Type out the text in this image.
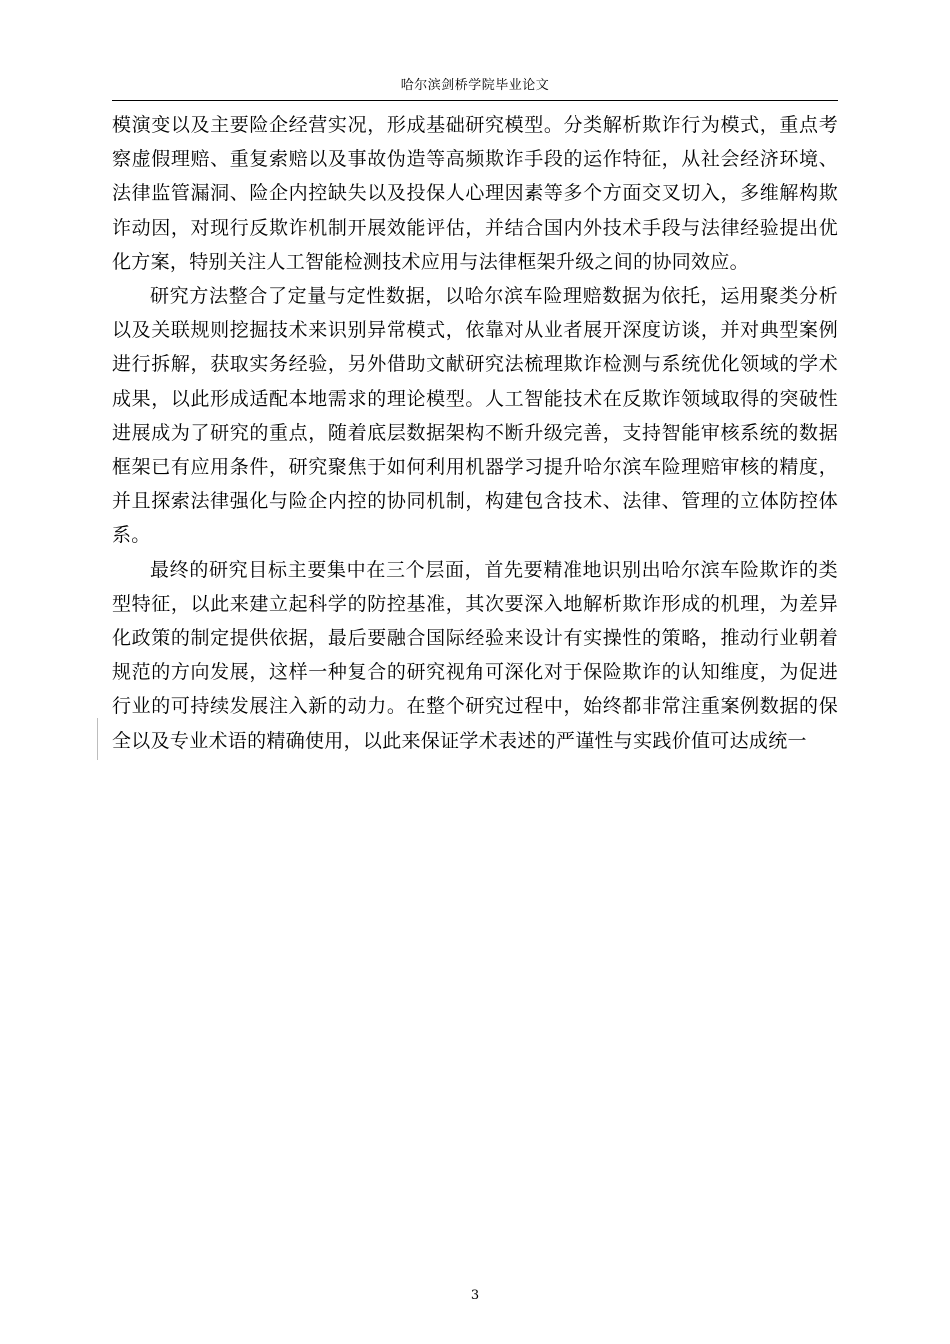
哈尔滨剑桥学院毕业论文

模演变以及主要险企经营实况，形成基础研究模型。分类解析欺诈行为模式，重点考察虚假理赔、重复索赔以及事故伪造等高频欺诈手段的运作特征，从社会经济环境、法律监管漏洞、险企内控缺失以及投保人心理因素等多个方面交叉切入，多维解构欺诈动因，对现行反欺诈机制开展效能评估，并结合国内外技术手段与法律经验提出优化方案，特别关注人工智能检测技术应用与法律框架升级之间的协同效应。

研究方法整合了定量与定性数据，以哈尔滨车险理赔数据为依托，运用聚类分析以及关联规则挖掘技术来识别异常模式，依靠对从业者展开深度访谈，并对典型案例进行拆解，获取实务经验，另外借助文献研究法梳理欺诈检测与系统优化领域的学术成果，以此形成适配本地需求的理论模型。人工智能技术在反欺诈领域取得的突破性进展成为了研究的重点，随着底层数据架构不断升级完善，支持智能审核系统的数据框架已有应用条件，研究聚焦于如何利用机器学习提升哈尔滨车险理赔审核的精度，并且探索法律强化与险企内控的协同机制，构建包含技术、法律、管理的立体防控体系。

最终的研究目标主要集中在三个层面，首先要精准地识别出哈尔滨车险欺诈的类型特征，以此来建立起科学的防控基准，其次要深入地解析欺诈形成的机理，为差异化政策的制定提供依据，最后要融合国际经验来设计有实操性的策略，推动行业朝着规范的方向发展，这样一种复合的研究视角可深化对于保险欺诈的认知维度，为促进行业的可持续发展注入新的动力。在整个研究过程中，始终都非常注重案例数据的保全以及专业术语的精确使用，以此来保证学术表述的严谨性与实践价值可达成统一

3
